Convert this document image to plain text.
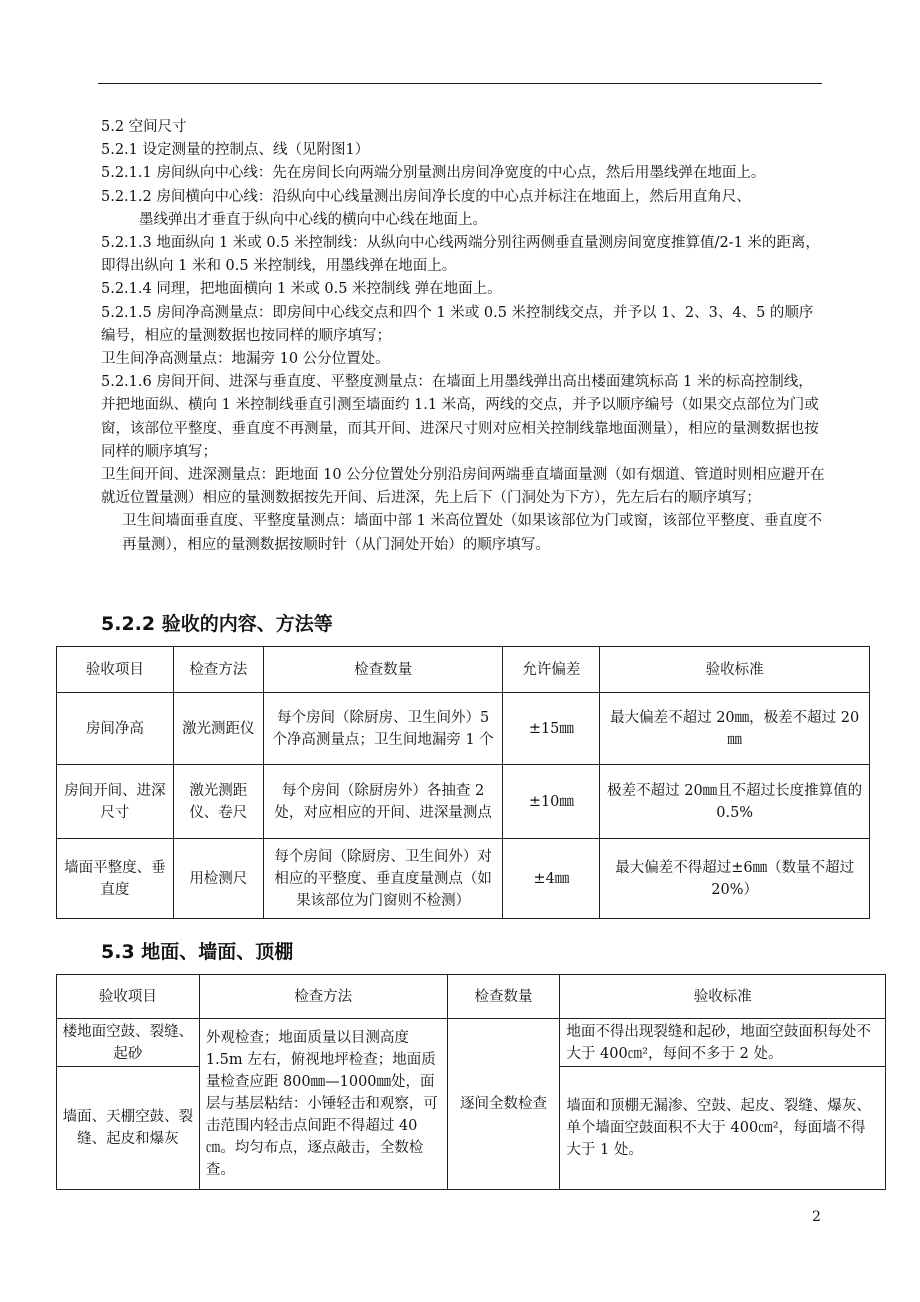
5.2 空间尺寸

5.2.1 设定测量的控制点、线（见附图1）

5.2.1.1 房间纵向中心线：先在房间长向两端分别量测出房间净宽度的中心点，然后用墨线弹在地面上。

5.2.1.2 房间横向中心线：沿纵向中心线量测出房间净长度的中心点并标注在地面上，然后用直角尺、

墨线弹出才垂直于纵向中心线的横向中心线在地面上。

5.2.1.3 地面纵向 1 米或 0.5 米控制线：从纵向中心线两端分别往两侧垂直量测房间宽度推算值/2-1 米的距离，即得出纵向 1 米和 0.5 米控制线，用墨线弹在地面上。

5.2.1.4 同理，把地面横向 1 米或 0.5 米控制线 弹在地面上。

5.2.1.5 房间净高测量点：即房间中心线交点和四个 1 米或 0.5 米控制线交点，并予以 1、2、3、4、5 的顺序编号，相应的量测数据也按同样的顺序填写；

卫生间净高测量点：地漏旁 10 公分位置处。

5.2.1.6 房间开间、进深与垂直度、平整度测量点：在墙面上用墨线弹出高出楼面建筑标高 1 米的标高控制线，并把地面纵、横向 1 米控制线垂直引测至墙面约 1.1 米高，两线的交点，并予以顺序编号（如果交点部位为门或窗，该部位平整度、垂直度不再测量，而其开间、进深尺寸则对应相关控制线靠地面测量），相应的量测数据也按同样的顺序填写；

卫生间开间、进深测量点：距地面 10 公分位置处分别沿房间两端垂直墙面量测（如有烟道、管道时则相应避开在就近位置量测）相应的量测数据按先开间、后进深，先上后下（门洞处为下方），先左后右的顺序填写；

卫生间墙面垂直度、平整度量测点：墙面中部 1 米高位置处（如果该部位为门或窗，该部位平整度、垂直度不再量测），相应的量测数据按顺时针（从门洞处开始）的顺序填写。

5.2.2 验收的内容、方法等
验收项目	检查方法	检查数量	允许偏差	验收标准
房间净高	激光测距仪	每个房间（除厨房、卫生间外）5 个净高测量点；卫生间地漏旁 1 个	±15㎜	最大偏差不超过 20㎜，极差不超过 20㎜
房间开间、进深尺寸	激光测距仪、卷尺	每个房间（除厨房外）各抽查 2 处，对应相应的开间、进深量测点	±10㎜	极差不超过 20㎜且不超过长度推算值的 0.5%
墙面平整度、垂直度	用检测尺	每个房间（除厨房、卫生间外）对相应的平整度、垂直度量测点（如果该部位为门窗则不检测）	±4㎜	最大偏差不得超过±6㎜（数量不超过 20%）
5.3 地面、墙面、顶棚
验收项目	检查方法	检查数量	验收标准
楼地面空鼓、裂缝、起砂	外观检查；地面质量以目测高度 1.5m 左右，俯视地坪检查；地面质量检查应距 800㎜—1000㎜处，面层与基层粘结：小锤轻击和观察，可击范围内轻击点间距不得超过 40㎝。均匀布点，逐点敲击，全数检查。	逐间全数检查	地面不得出现裂缝和起砂，地面空鼓面积每处不大于 400㎝²，每间不多于 2 处。
墙面、天棚空鼓、裂缝、起皮和爆灰			墙面和顶棚无漏渗、空鼓、起皮、裂缝、爆灰、单个墙面空鼓面积不大于 400㎝²，每面墙不得大于 1 处。
2
